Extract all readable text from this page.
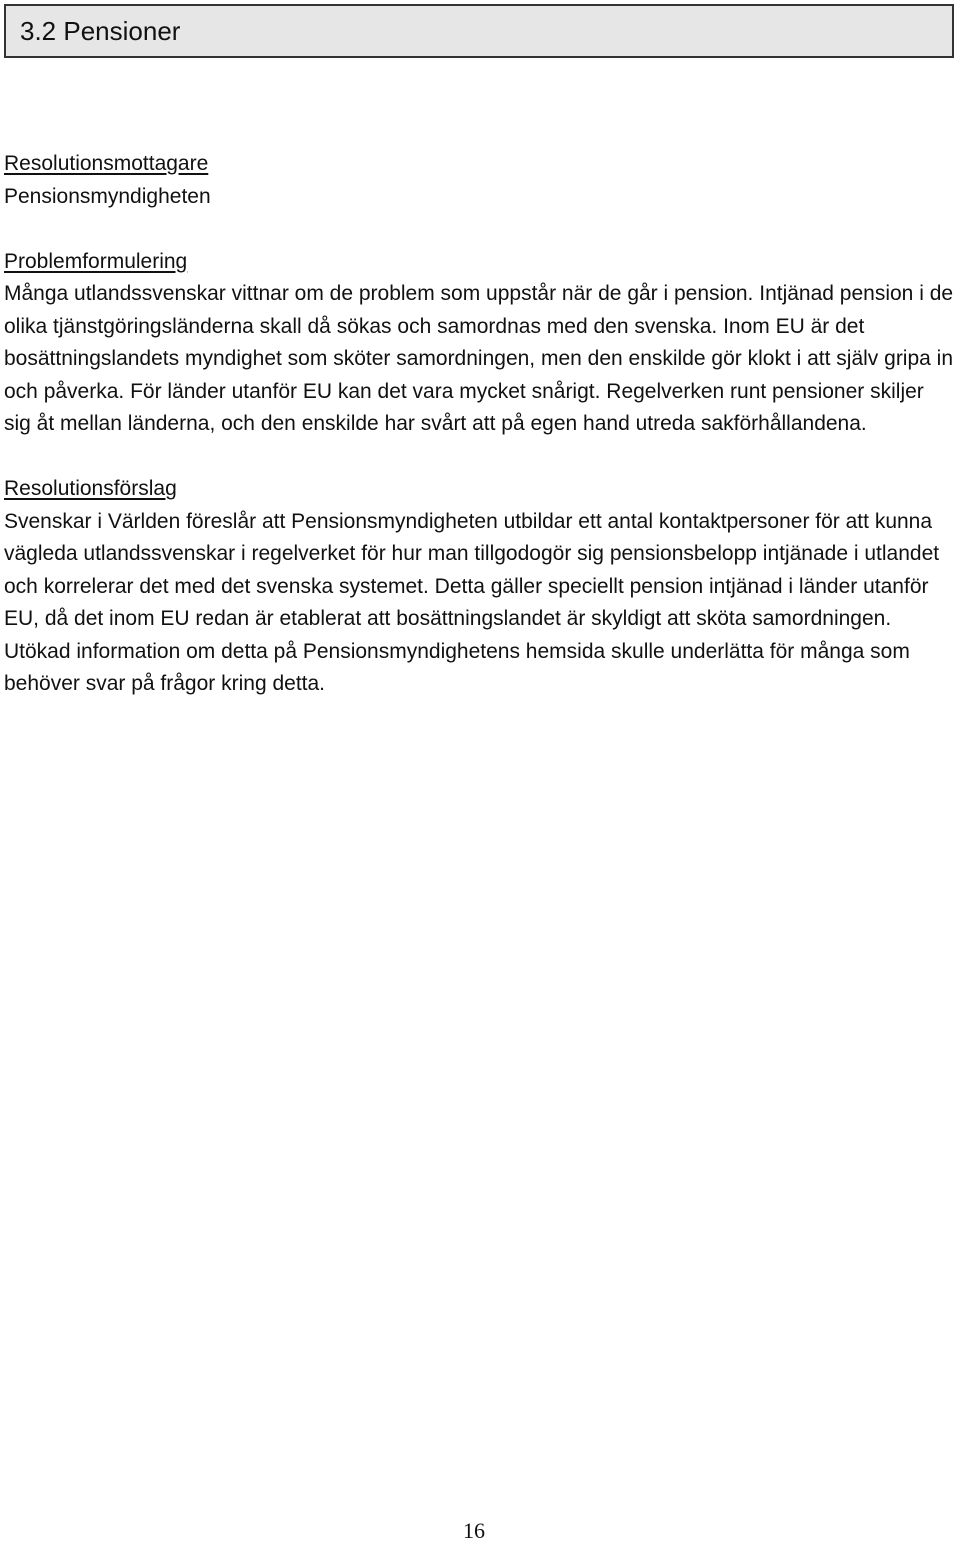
3.2 Pensioner
Resolutionsmottagare
Pensionsmyndigheten
Problemformulering
Många utlandssvenskar vittnar om de problem som uppstår när de går i pension. Intjänad pension i de olika tjänstgöringsländerna skall då sökas och samordnas med den svenska. Inom EU är det bosättningslandets myndighet som sköter samordningen, men den enskilde gör klokt i att själv gripa in och påverka. För länder utanför EU kan det vara mycket snårigt. Regelverken runt pensioner skiljer sig åt mellan länderna, och den enskilde har svårt att på egen hand utreda sakförhållandena.
Resolutionsförslag
Svenskar i Världen föreslår att Pensionsmyndigheten utbildar ett antal kontaktpersoner för att kunna vägleda utlandssvenskar i regelverket för hur man tillgodogör sig pensionsbelopp intjänade i utlandet och korrelerar det med det svenska systemet. Detta gäller speciellt pension intjänad i länder utanför EU, då det inom EU redan är etablerat att bosättningslandet är skyldigt att sköta samordningen. Utökad information om detta på Pensionsmyndighetens hemsida skulle underlätta för många som behöver svar på frågor kring detta.
16
